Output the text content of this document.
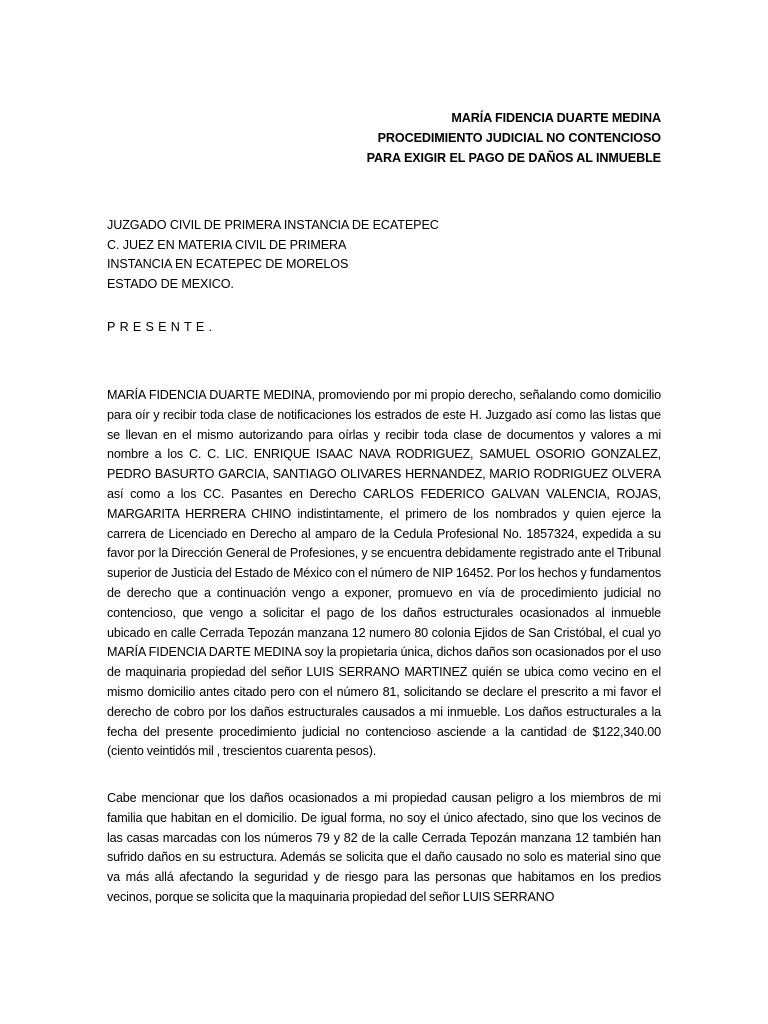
MARÍA FIDENCIA DUARTE MEDINA
PROCEDIMIENTO JUDICIAL NO CONTENCIOSO
PARA EXIGIR EL PAGO DE DAÑOS AL INMUEBLE
JUZGADO CIVIL DE PRIMERA INSTANCIA DE ECATEPEC
C. JUEZ EN MATERIA CIVIL DE PRIMERA
INSTANCIA EN ECATEPEC DE MORELOS
ESTADO DE MEXICO.
PRESENTE.

MARÍA FIDENCIA DUARTE MEDINA, promoviendo por mi propio derecho, señalando como domicilio para oír y recibir toda clase de notificaciones los estrados de este H. Juzgado así como las listas que se llevan en el mismo autorizando para oírlas y recibir toda clase de documentos y valores a mi nombre a los C. C. LIC. ENRIQUE ISAAC NAVA RODRIGUEZ, SAMUEL OSORIO GONZALEZ, PEDRO BASURTO GARCIA, SANTIAGO OLIVARES HERNANDEZ, MARIO RODRIGUEZ OLVERA así como a los CC. Pasantes en Derecho CARLOS FEDERICO GALVAN VALENCIA, ROJAS, MARGARITA HERRERA CHINO indistintamente, el primero de los nombrados y quien ejerce la carrera de Licenciado en Derecho al amparo de la Cedula Profesional No. 1857324, expedida a su favor por la Dirección General de Profesiones, y se encuentra debidamente registrado ante el Tribunal superior de Justicia del Estado de México con el número de NIP 16452. Por los hechos y fundamentos de derecho que a continuación vengo a exponer, promuevo en vía de procedimiento judicial no contencioso, que vengo a solicitar el pago de los daños estructurales ocasionados al inmueble ubicado en calle Cerrada Tepozán manzana 12 numero 80 colonia Ejidos de San Cristóbal, el cual yo MARÍA FIDENCIA DARTE MEDINA soy la propietaria única, dichos daños son ocasionados por el uso de maquinaria propiedad del señor LUIS SERRANO MARTINEZ quién se ubica como vecino en el mismo domicilio antes citado pero con el número 81, solicitando se declare el prescrito a mi favor el derecho de cobro por los daños estructurales causados a mi inmueble. Los daños estructurales a la fecha del presente procedimiento judicial no contencioso asciende a la cantidad de $122,340.00 (ciento veintidós mil , trescientos cuarenta pesos).

Cabe mencionar que los daños ocasionados a mi propiedad causan peligro a los miembros de mi familia que habitan en el domicilio. De igual forma, no soy el único afectado, sino que los vecinos de las casas marcadas con los números 79 y 82 de la calle Cerrada Tepozán manzana 12 también han sufrido daños en su estructura. Además se solicita que el daño causado no solo es material sino que va más allá afectando la seguridad y de riesgo para las personas que habitamos en los predios vecinos, porque se solicita que la maquinaria propiedad del señor LUIS SERRANO
